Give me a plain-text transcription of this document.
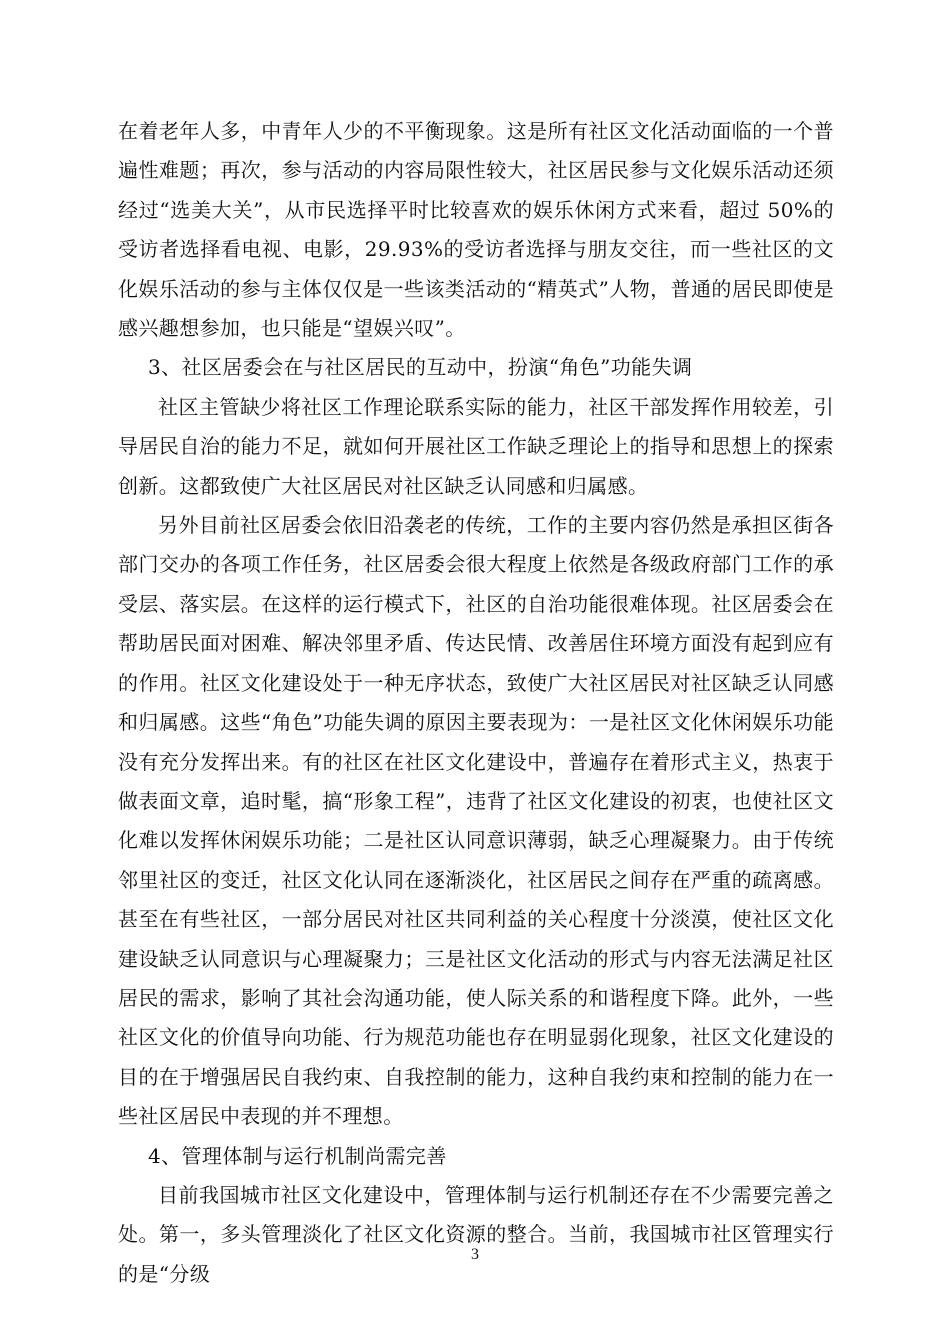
在着老年人多，中青年人少的不平衡现象。这是所有社区文化活动面临的一个普遍性难题；再次，参与活动的内容局限性较大，社区居民参与文化娱乐活动还须经过“选美大关”，从市民选择平时比较喜欢的娱乐休闲方式来看，超过 50%的受访者选择看电视、电影，29.93%的受访者选择与朋友交往，而一些社区的文化娱乐活动的参与主体仅仅是一些该类活动的“精英式”人物，普通的居民即使是感兴趣想参加，也只能是“望娱兴叹”。

3、社区居委会在与社区居民的互动中，扮演“角色”功能失调

社区主管缺少将社区工作理论联系实际的能力，社区干部发挥作用较差，引导居民自治的能力不足，就如何开展社区工作缺乏理论上的指导和思想上的探索创新。这都致使广大社区居民对社区缺乏认同感和归属感。

另外目前社区居委会依旧沿袭老的传统，工作的主要内容仍然是承担区街各部门交办的各项工作任务，社区居委会很大程度上依然是各级政府部门工作的承受层、落实层。在这样的运行模式下，社区的自治功能很难体现。社区居委会在帮助居民面对困难、解决邻里矛盾、传达民情、改善居住环境方面没有起到应有的作用。社区文化建设处于一种无序状态，致使广大社区居民对社区缺乏认同感和归属感。这些“角色”功能失调的原因主要表现为：一是社区文化休闲娱乐功能没有充分发挥出来。有的社区在社区文化建设中，普遍存在着形式主义，热衷于做表面文章，追时髦，搞“形象工程”，违背了社区文化建设的初衷，也使社区文化难以发挥休闲娱乐功能；二是社区认同意识薄弱，缺乏心理凝聚力。由于传统邻里社区的变迁，社区文化认同在逐渐淡化，社区居民之间存在严重的疏离感。甚至在有些社区，一部分居民对社区共同利益的关心程度十分淡漠，使社区文化建设缺乏认同意识与心理凝聚力；三是社区文化活动的形式与内容无法满足社区居民的需求，影响了其社会沟通功能，使人际关系的和谐程度下降。此外，一些社区文化的价值导向功能、行为规范功能也存在明显弱化现象，社区文化建设的目的在于增强居民自我约束、自我控制的能力，这种自我约束和控制的能力在一些社区居民中表现的并不理想。

4、管理体制与运行机制尚需完善

目前我国城市社区文化建设中，管理体制与运行机制还存在不少需要完善之处。第一，多头管理淡化了社区文化资源的整合。当前，我国城市社区管理实行的是“分级

3
